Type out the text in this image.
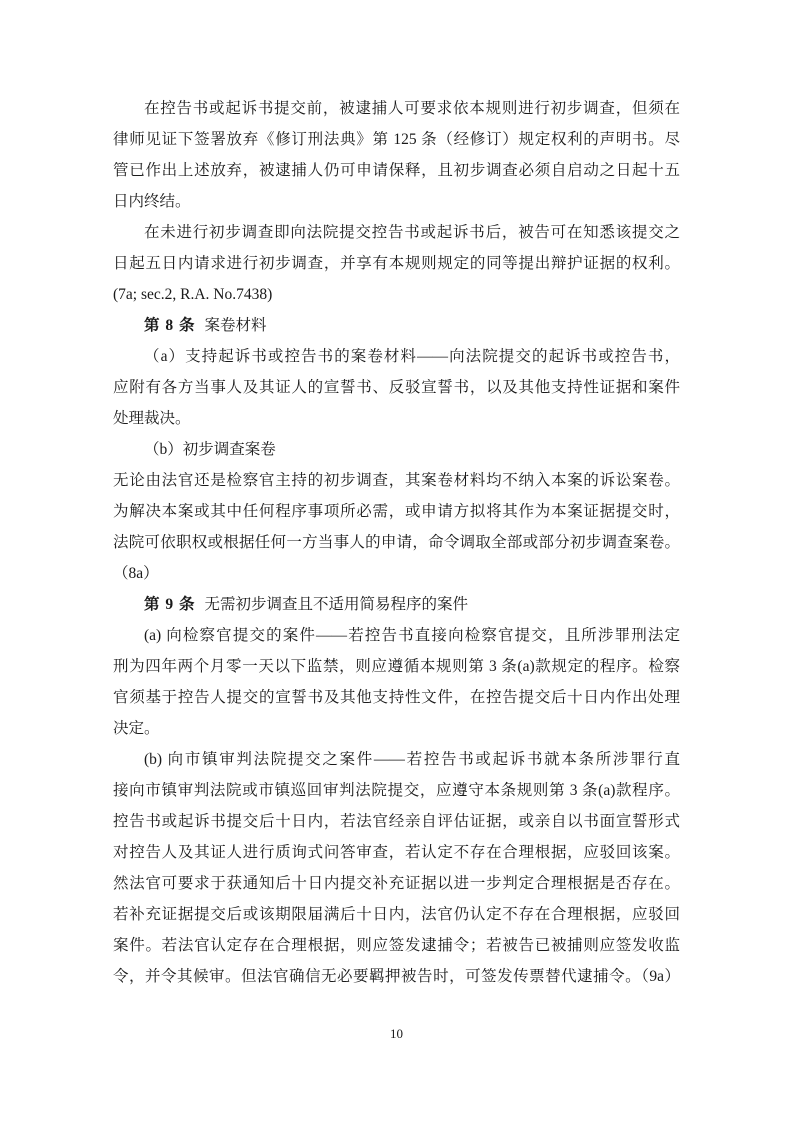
在控告书或起诉书提交前，被逮捕人可要求依本规则进行初步调查，但须在
律师见证下签署放弃《修订刑法典》第 125 条（经修订）规定权利的声明书。尽
管已作出上述放弃，被逮捕人仍可申请保释，且初步调查必须自启动之日起十五
日内终结。
在未进行初步调查即向法院提交控告书或起诉书后，被告可在知悉该提交之
日起五日内请求进行初步调查，并享有本规则规定的同等提出辩护证据的权利。
(7a; sec.2, R.A. No.7438)
第 8 条 案卷材料
（a）支持起诉书或控告书的案卷材料——向法院提交的起诉书或控告书，
应附有各方当事人及其证人的宣誓书、反驳宣誓书，以及其他支持性证据和案件
处理裁决。
（b）初步调查案卷
无论由法官还是检察官主持的初步调查，其案卷材料均不纳入本案的诉讼案卷。
为解决本案或其中任何程序事项所必需，或申请方拟将其作为本案证据提交时，
法院可依职权或根据任何一方当事人的申请，命令调取全部或部分初步调查案卷。
（8a）
第 9 条 无需初步调查且不适用简易程序的案件
(a) 向检察官提交的案件——若控告书直接向检察官提交，且所涉罪刑法定
刑为四年两个月零一天以下监禁，则应遵循本规则第 3 条(a)款规定的程序。检察
官须基于控告人提交的宣誓书及其他支持性文件，在控告提交后十日内作出处理
决定。
(b) 向市镇审判法院提交之案件——若控告书或起诉书就本条所涉罪行直
接向市镇审判法院或市镇巡回审判法院提交，应遵守本条规则第 3 条(a)款程序。
控告书或起诉书提交后十日内，若法官经亲自评估证据，或亲自以书面宣誓形式
对控告人及其证人进行质询式问答审查，若认定不存在合理根据，应驳回该案。
然法官可要求于获通知后十日内提交补充证据以进一步判定合理根据是否存在。
若补充证据提交后或该期限届满后十日内，法官仍认定不存在合理根据，应驳回
案件。若法官认定存在合理根据，则应签发逮捕令；若被告已被捕则应签发收监
令，并令其候审。但法官确信无必要羁押被告时，可签发传票替代逮捕令。（9a）
10
